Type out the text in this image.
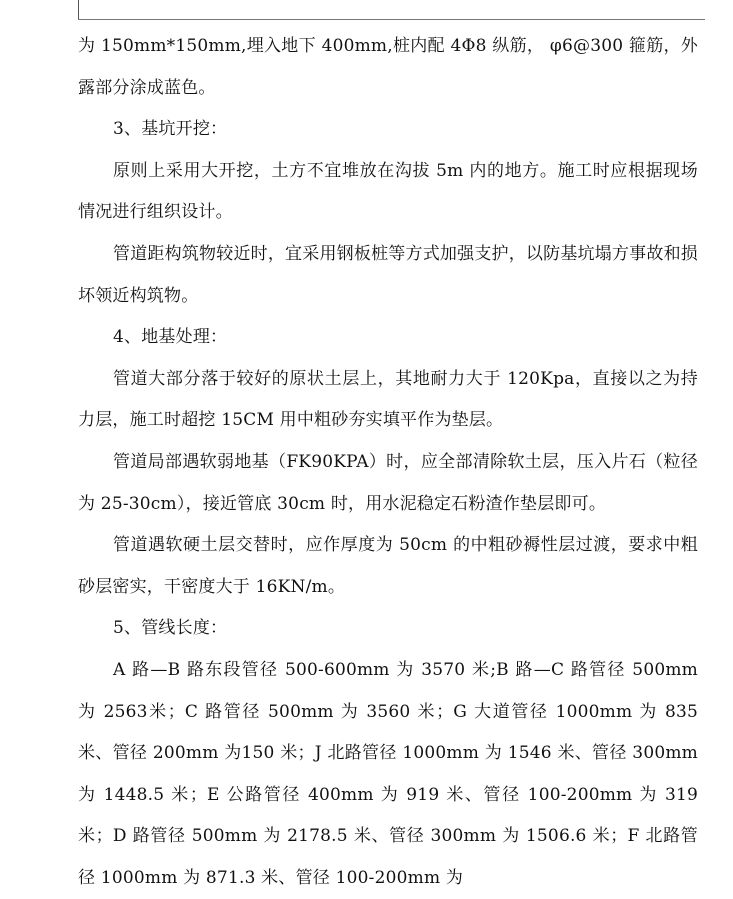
为 150mm*150mm,埋入地下 400mm,桩内配 4Φ8 纵筋， φ6@300 箍筋，外露部分涂成蓝色。

3、基坑开挖：

原则上采用大开挖，土方不宜堆放在沟拔 5m 内的地方。施工时应根据现场情况进行组织设计。

管道距构筑物较近时，宜采用钢板桩等方式加强支护，以防基坑塌方事故和损坏领近构筑物。

4、地基处理：

管道大部分落于较好的原状土层上，其地耐力大于 120Kpa，直接以之为持力层，施工时超挖 15CM 用中粗砂夯实填平作为垫层。

管道局部遇软弱地基（FK90KPA）时，应全部清除软土层，压入片石（粒径为 25-30cm），接近管底 30cm 时，用水泥稳定石粉渣作垫层即可。

管道遇软硬土层交替时，应作厚度为 50cm 的中粗砂褥性层过渡，要求中粗砂层密实，干密度大于 16KN/m。

5、管线长度：

A 路—B 路东段管径 500-600mm 为 3570 米;B 路—C 路管径 500mm 为 2563米；C 路管径 500mm 为 3560 米；G 大道管径 1000mm 为 835 米、管径 200mm 为150 米；J 北路管径 1000mm 为 1546 米、管径 300mm 为 1448.5 米；E 公路管径 400mm 为 919 米、管径 100-200mm 为 319 米；D 路管径 500mm 为 2178.5 米、管径 300mm 为 1506.6 米；F 北路管径 1000mm 为 871.3 米、管径 100-200mm 为
